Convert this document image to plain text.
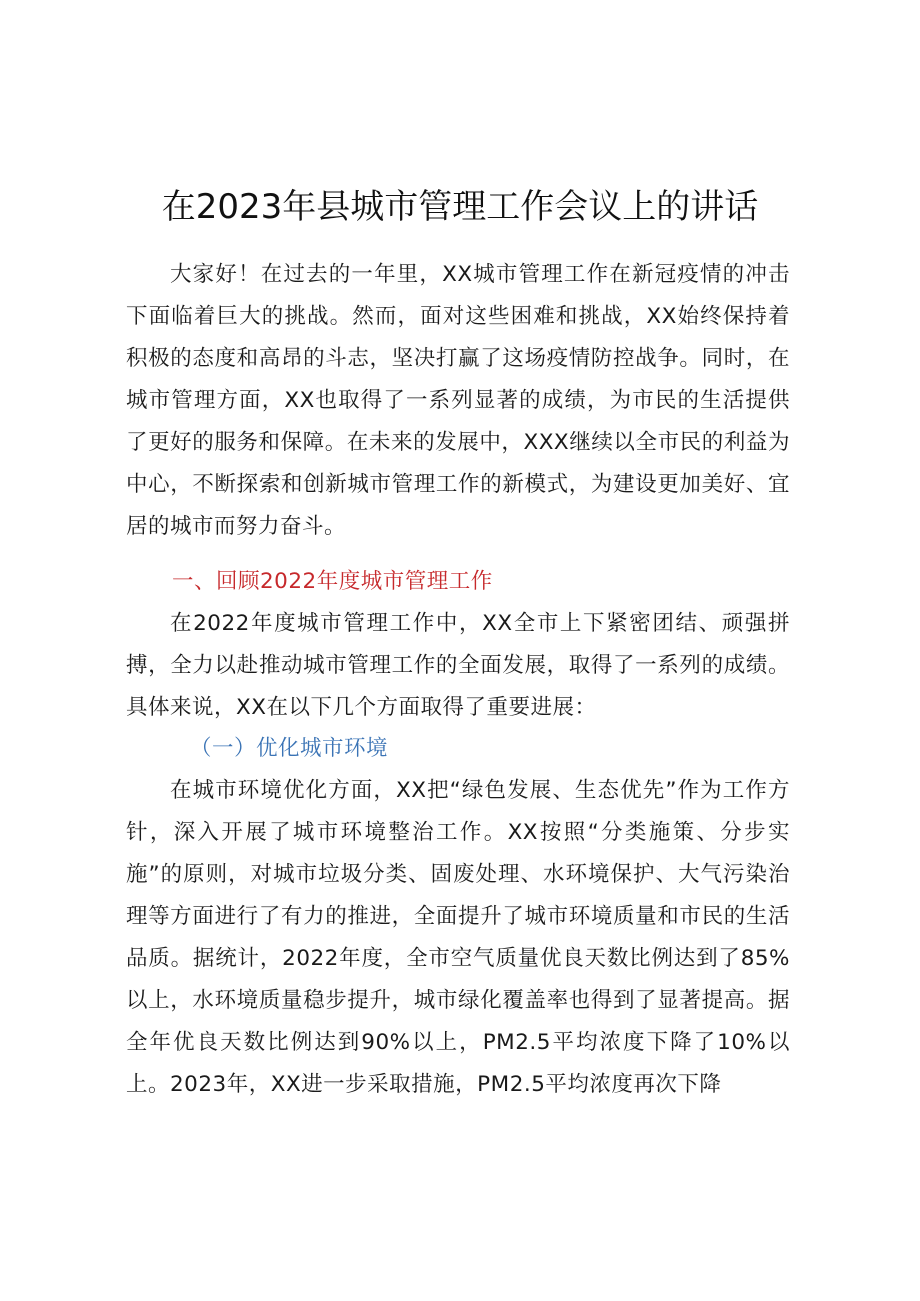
在2023年县城市管理工作会议上的讲话

大家好！在过去的一年里，XX城市管理工作在新冠疫情的冲击下面临着巨大的挑战。然而，面对这些困难和挑战，XX始终保持着积极的态度和高昂的斗志，坚决打赢了这场疫情防控战争。同时，在城市管理方面，XX也取得了一系列显著的成绩，为市民的生活提供了更好的服务和保障。在未来的发展中，XXX继续以全市民的利益为中心，不断探索和创新城市管理工作的新模式，为建设更加美好、宜居的城市而努力奋斗。

一、回顾2022年度城市管理工作

在2022年度城市管理工作中，XX全市上下紧密团结、顽强拼搏，全力以赴推动城市管理工作的全面发展，取得了一系列的成绩。具体来说，XX在以下几个方面取得了重要进展：

（一）优化城市环境

在城市环境优化方面，XX把“绿色发展、生态优先”作为工作方针，深入开展了城市环境整治工作。XX按照“分类施策、分步实施”的原则，对城市垃圾分类、固废处理、水环境保护、大气污染治理等方面进行了有力的推进，全面提升了城市环境质量和市民的生活品质。据统计，2022年度，全市空气质量优良天数比例达到了85%以上，水环境质量稳步提升，城市绿化覆盖率也得到了显著提高。据全年优良天数比例达到90%以上，PM2.5平均浓度下降了10%以上。2023年，XX进一步采取措施，PM2.5平均浓度再次下降
